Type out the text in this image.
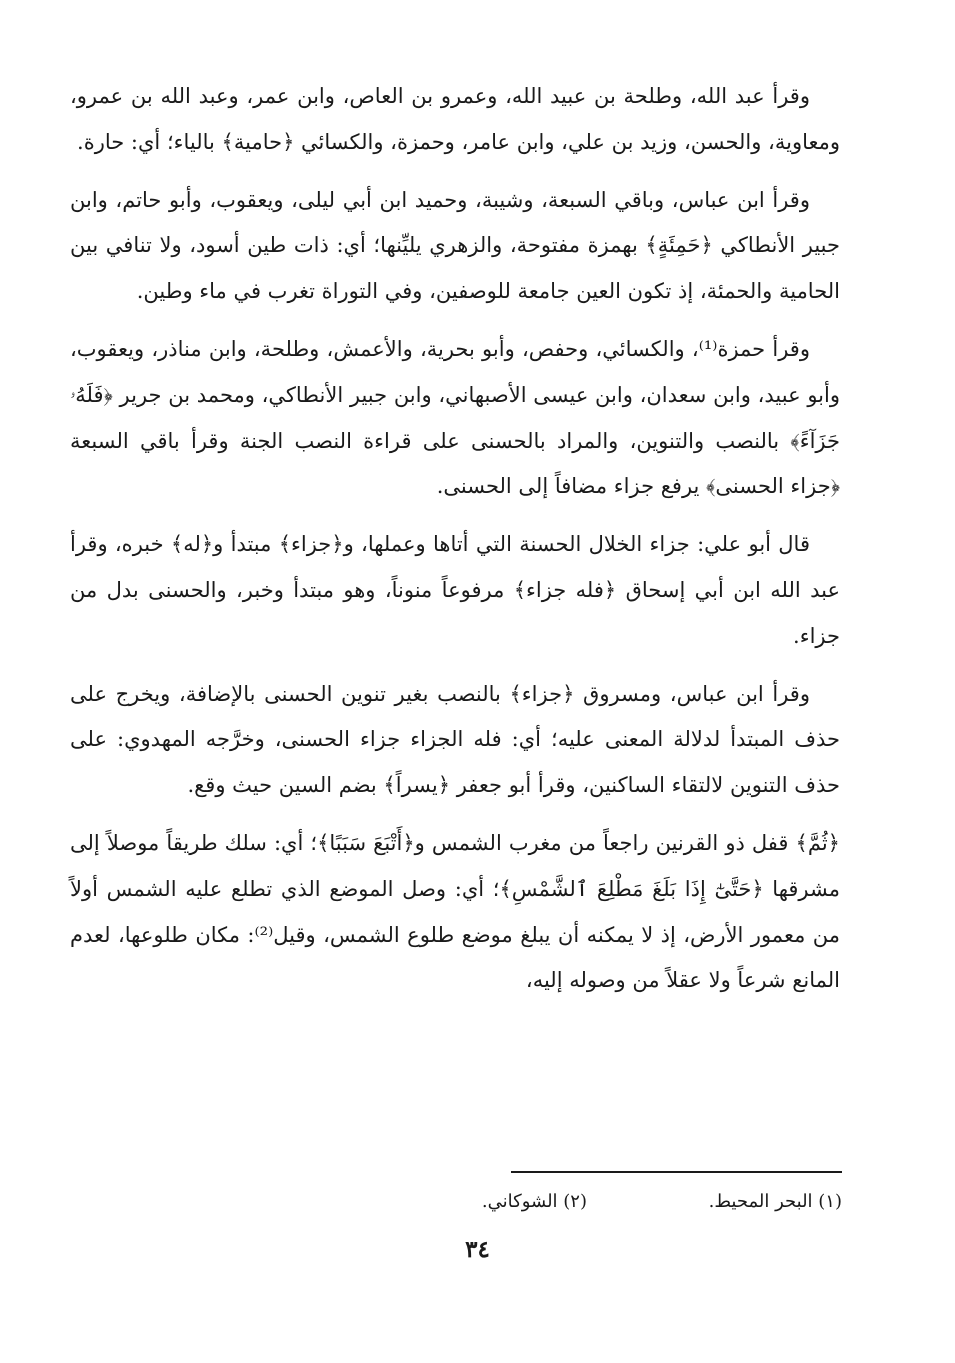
وقرأ عبد الله، وطلحة بن عبيد الله، وعمرو بن العاص، وابن عمر، وعبد الله بن عمرو، ومعاوية، والحسن، وزيد بن علي، وابن عامر، وحمزة، والكسائي ﴿حامية﴾ بالياء؛ أي: حارة.

وقرأ ابن عباس، وباقي السبعة، وشيبة، وحميد ابن أبي ليلى، ويعقوب، وأبو حاتم، وابن جبير الأنطاكي ﴿حَمِئَةٍ﴾ بهمزة مفتوحة، والزهري يليِّنها؛ أي: ذات طين أسود، ولا تنافي بين الحامية والحمئة، إذ تكون العين جامعة للوصفين، وفي التوراة تغرب في ماء وطين.

وقرأ حمزة⁽¹⁾، والكسائي، وحفص، وأبو بحرية، والأعمش، وطلحة، وابن مناذر، ويعقوب، وأبو عبيد، وابن سعدان، وابن عيسى الأصبهاني، وابن جبير الأنطاكي، ومحمد بن جرير ﴿فَلَهُۥ جَزَآءً﴾ بالنصب والتنوين، والمراد بالحسنى على قراءة النصب الجنة وقرأ باقي السبعة ﴿جزاء الحسنى﴾ يرفع جزاء مضافاً إلى الحسنى.

قال أبو علي: جزاء الخلال الحسنة التي أتاها وعملها، و﴿جزاء﴾ مبتدأ و﴿له﴾ خبره، وقرأ عبد الله ابن أبي إسحاق ﴿فله جزاء﴾ مرفوعاً منوناً، وهو مبتدأ وخبر، والحسنى بدل من جزاء.

وقرأ ابن عباس، ومسروق ﴿جزاء﴾ بالنصب بغير تنوين الحسنى بالإضافة، ويخرج على حذف المبتدأ لدلالة المعنى عليه؛ أي: فله الجزاء جزاء الحسنى، وخرَّجه المهدوي: على حذف التنوين لالتقاء الساكنين، وقرأ أبو جعفر ﴿يسراً﴾ بضم السين حيث وقع.

﴿ثُمَّ﴾ قفل ذو القرنين راجعاً من مغرب الشمس و﴿أَتْبَعَ سَبَبًا﴾؛ أي: سلك طريقاً موصلاً إلى مشرقها ﴿حَتَّىٰٓ إِذَا بَلَغَ مَطْلِعَ ٱلشَّمْسِ﴾؛ أي: وصل الموضع الذي تطلع عليه الشمس أولاً من معمور الأرض، إذ لا يمكنه أن يبلغ موضع طلوع الشمس، وقيل⁽²⁾: مكان طلوعها، لعدم المانع شرعاً ولا عقلاً من وصوله إليه،

(١) البحر المحيط.
(٢) الشوكاني.
٣٤
